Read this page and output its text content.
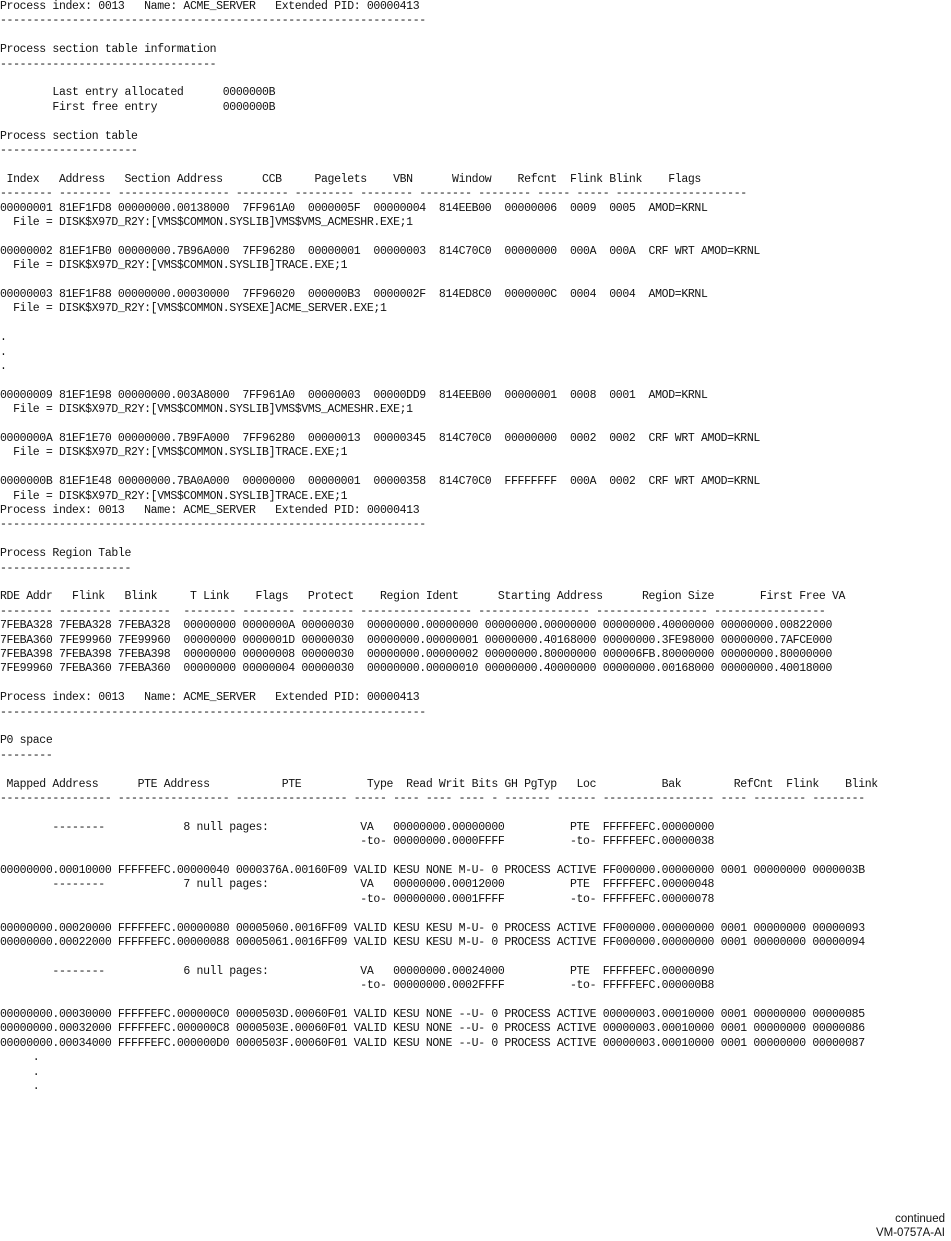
Process index: 0013   Name: ACME_SERVER   Extended PID: 00000413
-----------------------------------------------------------------
Process section table information
---------------------------------
Last entry allocated      0000000B
First free entry          0000000B
Process section table
---------------------
Index   Address   Section Address      CCB     Pagelets    VBN      Window    Refcnt  Flink Blink    Flags
-------- -------- ----------------- -------- --------- -------- -------- -------- ----- ----- --------------------
00000001 81EF1FD8 00000000.00138000  7FF961A0  0000005F  00000004  814EEB00  00000006  0009  0005  AMOD=KRNL
File = DISK$X97D_R2Y:[VMS$COMMON.SYSLIB]VMS$VMS_ACMESHR.EXE;1
00000002 81EF1FB0 00000000.7B96A000  7FF96280  00000001  00000003  814C70C0  00000000  000A  000A  CRF WRT AMOD=KRNL
File = DISK$X97D_R2Y:[VMS$COMMON.SYSLIB]TRACE.EXE;1
00000003 81EF1F88 00000000.00030000  7FF96020  000000B3  0000002F  814ED8C0  0000000C  0004  0004  AMOD=KRNL
File = DISK$X97D_R2Y:[VMS$COMMON.SYSEXE]ACME_SERVER.EXE;1
.
.
.
00000009 81EF1E98 00000000.003A8000  7FF961A0  00000003  00000DD9  814EEB00  00000001  0008  0001  AMOD=KRNL
File = DISK$X97D_R2Y:[VMS$COMMON.SYSLIB]VMS$VMS_ACMESHR.EXE;1
0000000A 81EF1E70 00000000.7B9FA000  7FF96280  00000013  00000345  814C70C0  00000000  0002  0002  CRF WRT AMOD=KRNL
File = DISK$X97D_R2Y:[VMS$COMMON.SYSLIB]TRACE.EXE;1
0000000B 81EF1E48 00000000.7BA0A000  00000000  00000001  00000358  814C70C0  FFFFFFFF  000A  0002  CRF WRT AMOD=KRNL
File = DISK$X97D_R2Y:[VMS$COMMON.SYSLIB]TRACE.EXE;1
Process index: 0013   Name: ACME_SERVER   Extended PID: 00000413
-----------------------------------------------------------------
Process Region Table
--------------------
RDE Addr   Flink   Blink     T Link    Flags   Protect    Region Ident      Starting Address      Region Size       First Free VA
-------- -------- --------  -------- -------- -------- ----------------- ----------------- ----------------- -----------------
7FEBA328 7FEBA328 7FEBA328  00000000 0000000A 00000030  00000000.00000000 00000000.00000000 00000000.40000000 00000000.00822000
7FEBA360 7FE99960 7FE99960  00000000 0000001D 00000030  00000000.00000001 00000000.40168000 00000000.3FE98000 00000000.7AFCE000
7FEBA398 7FEBA398 7FEBA398  00000000 00000008 00000030  00000000.00000002 00000000.80000000 000006FB.80000000 00000000.80000000
7FE99960 7FEBA360 7FEBA360  00000000 00000004 00000030  00000000.00000010 00000000.40000000 00000000.00168000 00000000.40018000
Process index: 0013   Name: ACME_SERVER   Extended PID: 00000413
-----------------------------------------------------------------
P0 space
--------
Mapped Address      PTE Address           PTE          Type  Read Writ Bits GH PgTyp   Loc          Bak        RefCnt  Flink    Blink
----------------- ----------------- ----------------- ----- ---- ---- ---- - ------- ------ ----------------- ---- -------- --------
--------            8 null pages:              VA   00000000.00000000          PTE  FFFFFEFC.00000000
-to- 00000000.0000FFFF          -to- FFFFFEFC.00000038
00000000.00010000 FFFFFEFC.00000040 0000376A.00160F09 VALID KESU NONE M-U- 0 PROCESS ACTIVE FF000000.00000000 0001 00000000 0000003B
--------            7 null pages:              VA   00000000.00012000          PTE  FFFFFEFC.00000048
-to- 00000000.0001FFFF          -to- FFFFFEFC.00000078
00000000.00020000 FFFFFEFC.00000080 00005060.0016FF09 VALID KESU KESU M-U- 0 PROCESS ACTIVE FF000000.00000000 0001 00000000 00000093
00000000.00022000 FFFFFEFC.00000088 00005061.0016FF09 VALID KESU KESU M-U- 0 PROCESS ACTIVE FF000000.00000000 0001 00000000 00000094
--------            6 null pages:              VA   00000000.00024000          PTE  FFFFFEFC.00000090
-to- 00000000.0002FFFF          -to- FFFFFEFC.000000B8
00000000.00030000 FFFFFEFC.000000C0 0000503D.00060F01 VALID KESU NONE --U- 0 PROCESS ACTIVE 00000003.00010000 0001 00000000 00000085
00000000.00032000 FFFFFEFC.000000C8 0000503E.00060F01 VALID KESU NONE --U- 0 PROCESS ACTIVE 00000003.00010000 0001 00000000 00000086
00000000.00034000 FFFFFEFC.000000D0 0000503F.00060F01 VALID KESU NONE --U- 0 PROCESS ACTIVE 00000003.00010000 0001 00000000 00000087
.
.
.
continued
VM-0757A-AI
